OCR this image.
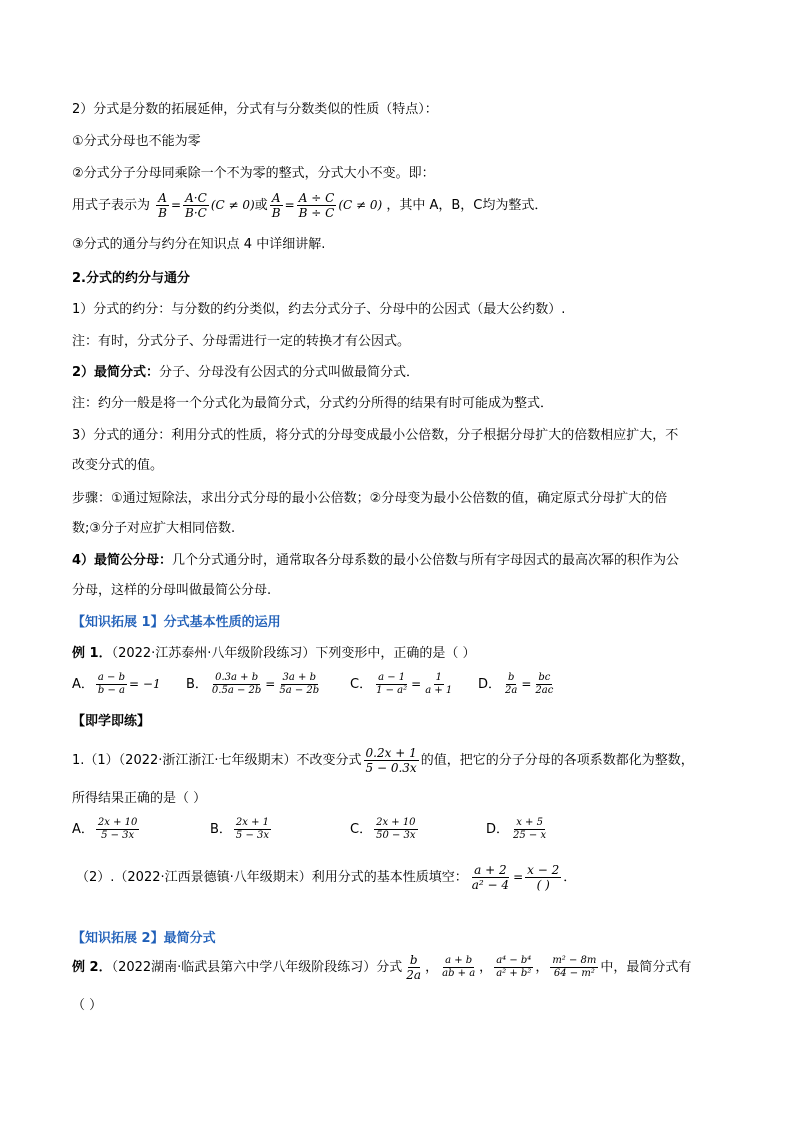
2）分式是分数的拓展延伸，分式有与分数类似的性质（特点）：
①分式分母也不能为零
②分式分子分母同乘除一个不为零的整式，分式大小不变。即：
用式子表示为 $\frac{A}{B} = \frac{A\cdot C}{B\cdot C} (C \ne 0)$或 $\frac{A}{B} = \frac{A \div C}{B \div C} (C \ne 0)$ ，其中 A，B，C均为整式．
③分式的通分与约分在知识点 4 中详细讲解.
2.分式的约分与通分
1）分式的约分：与分数的约分类似，约去分式分子、分母中的公因式（最大公约数）.
注：有时，分式分子、分母需进行一定的转换才有公因式。
2）最简分式：分子、分母没有公因式的分式叫做最简分式．
注：约分一般是将一个分式化为最简分式，分式约分所得的结果有时可能成为整式．
3）分式的通分：利用分式的性质，将分式的分母变成最小公倍数，分子根据分母扩大的倍数相应扩大，不
改变分式的值。
步骤：①通过短除法，求出分式分母的最小公倍数；②分母变为最小公倍数的值，确定原式分母扩大的倍
数;③分子对应扩大相同倍数.
4）最简公分母：几个分式通分时，通常取各分母系数的最小公倍数与所有字母因式的最高次幂的积作为公
分母，这样的分母叫做最简公分母.
【知识拓展 1】分式基本性质的运用
例 1．（2022·江苏泰州·八年级阶段练习）下列变形中，正确的是（ ）
A． $\frac{a - b}{b - a} = -1$ B． $\frac{0.3a + b}{0.5a - 2b} = \frac{3a + b}{5a - 2b}$ C． $\frac{a - 1}{\text{1 − a²}} = \frac{1}{a + 1}$ D． $\frac{b}{2a} = \frac{bc}{2ac}$
【即学即练】
1.（1）（2022·浙江浙江·七年级期末）不改变分式 $\frac{0.2x + 1}{5 - 0.3x}$ 的值，把它的分子分母的各项系数都化为整数，
所得结果正确的是（ ）
A． $\frac{2x + 10}{5 - 3x}$	B． $\frac{2x + 1}{5 - 3x}$	C． $\frac{2x + 10}{50 - 3x}$	D． $\frac{x + 5}{25 - x}$
（2）.（2022·江西景德镇·八年级期末）利用分式的基本性质填空： $\frac{a + 2}{\text{a² − 4}} = \frac{x - 2}{( )}$ ．
【知识拓展 2】最简分式
例 2．（2022湖南·临武县第六中学八年级阶段练习）分式 $\frac{b}{2a}$ ， $\frac{a + b}{ab + a}$ ， $\frac{\text{a⁴ − b⁴}}{\text{a² + b²}}$ ， $\frac{\text{m² − 8m}}{\text{64 − m²}}$ 中，最简分式有
（ ）
